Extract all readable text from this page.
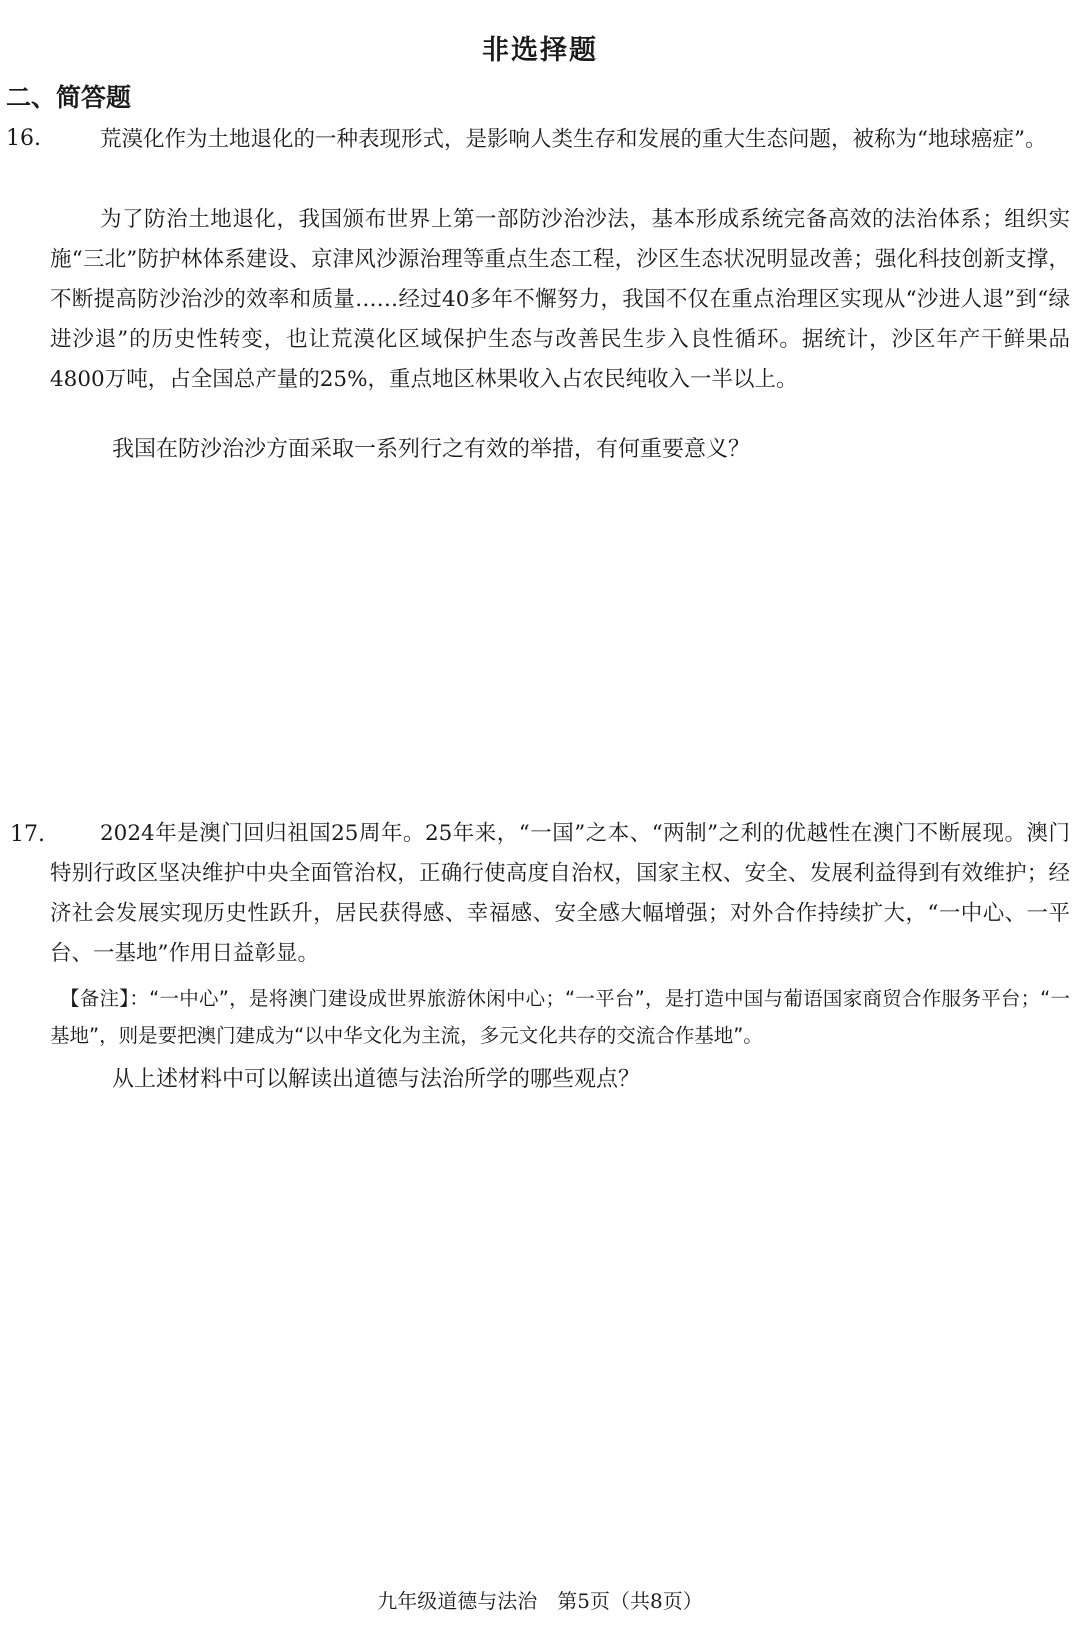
非选择题
二、简答题
16.	荒漠化作为土地退化的一种表现形式，是影响人类生存和发展的重大生态问题，被称为“地球癌症”。

为了防治土地退化，我国颁布世界上第一部防沙治沙法，基本形成系统完备高效的法治体系；组织实施“三北”防护林体系建设、京津风沙源治理等重点生态工程，沙区生态状况明显改善；强化科技创新支撑，不断提高防沙治沙的效率和质量……经过40多年不懈努力，我国不仅在重点治理区实现从“沙进人退”到“绿进沙退”的历史性转变，也让荒漠化区域保护生态与改善民生步入良性循环。据统计，沙区年产干鲜果品4800万吨，占全国总产量的25%，重点地区林果收入占农民纯收入一半以上。

我国在防沙治沙方面采取一系列行之有效的举措，有何重要意义？

17.	2024年是澳门回归祖国25周年。25年来，“一国”之本、“两制”之利的优越性在澳门不断展现。澳门特别行政区坚决维护中央全面管治权，正确行使高度自治权，国家主权、安全、发展利益得到有效维护；经济社会发展实现历史性跃升，居民获得感、幸福感、安全感大幅增强；对外合作持续扩大，“一中心、一平台、一基地”作用日益彰显。

【备注】：“一中心”，是将澳门建设成世界旅游休闲中心；“一平台”，是打造中国与葡语国家商贸合作服务平台；“一基地”，则是要把澳门建成为“以中华文化为主流，多元文化共存的交流合作基地”。

从上述材料中可以解读出道德与法治所学的哪些观点？

九年级道德与法治　第5页（共8页）
